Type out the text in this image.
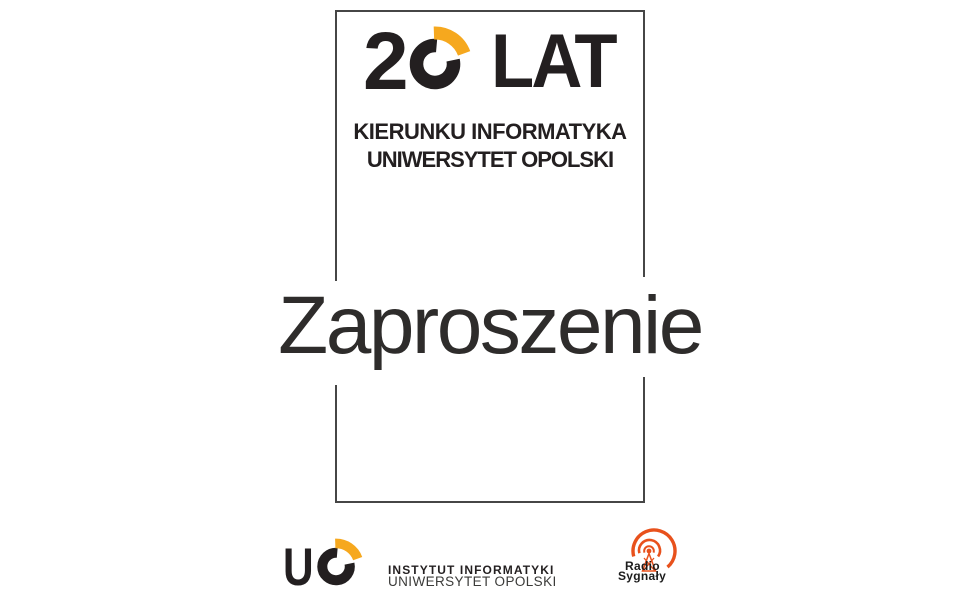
2 LAT
KIERUNKU INFORMATYKA
UNIWERSYTET OPOLSKI
Zaproszenie
U	INSTYTUT INFORMATYKI
UNIWERSYTET OPOLSKI
Radio
Sygnały
